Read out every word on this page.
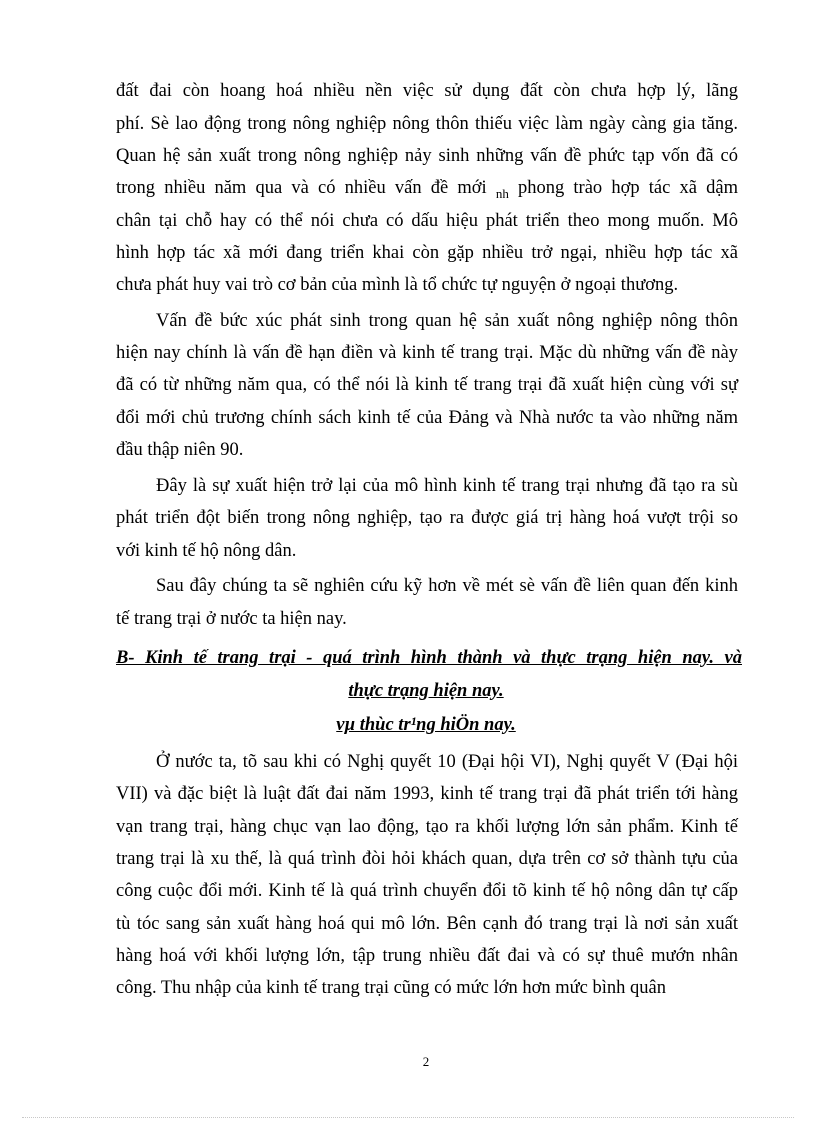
đất đai còn hoang hoá nhiều nền việc sử dụng đất còn chưa hợp lý, lãng
phí. Sè lao động trong nông nghiệp nông thôn thiếu việc làm ngày càng gia tăng.
Quan hệ sản xuất trong nông nghiệp nảy sinh những vấn đề phức tạp vốn đã có
trong nhiều năm qua và có nhiều vấn đề mới $_{nh}$ phong trào hợp tác xã dậm
chân tại chỗ hay có thể nói chưa có dấu hiệu phát triển theo mong muốn. Mô
hình hợp tác xã mới đang triển khai còn gặp nhiều trở ngại, nhiều hợp tác xã
chưa phát huy vai trò cơ bản của mình là tổ chức tự nguyện ở ngoại thương.
Vấn đề bức xúc phát sinh trong quan hệ sản xuất nông nghiệp nông thôn
hiện nay chính là vấn đề hạn điền và kinh tế trang trại. Mặc dù những vấn đề này
đã có từ những năm qua, có thể nói là kinh tế trang trại đã xuất hiện cùng với sự
đổi mới chủ trương chính sách kinh tế của Đảng và Nhà nước ta vào những năm
đầu thập niên 90.
Đây là sự xuất hiện trở lại của mô hình kinh tế trang trại nhưng đã tạo ra sù
phát triển đột biến trong nông nghiệp, tạo ra được giá trị hàng hoá vượt trội so
với kinh tế hộ nông dân.
Sau đây chúng ta sẽ nghiên cứu kỹ hơn về mét sè vấn đề liên quan đến kinh
tế trang trại ở nước ta hiện nay.
B- Kinh tế trang trại - quá trình hình thành và thực trạng hiện nay. và
thực trạng hiện nay.
vµ thùc tr¹ng hiÖn nay.
Ở nước ta, tõ sau khi có Nghị quyết 10 (Đại hội VI), Nghị quyết V (Đại hội
VII) và đặc biệt là luật đất đai năm 1993, kinh tế trang trại đã phát triển tới hàng
vạn trang trại, hàng chục vạn lao động, tạo ra khối lượng lớn sản phẩm. Kinh tế
trang trại là xu thế, là quá trình đòi hỏi khách quan, dựa trên cơ sở thành tựu của
công cuộc đổi mới. Kinh tế là quá trình chuyển đổi tõ kinh tế hộ nông dân tự cấp
tù tóc sang sản xuất hàng hoá qui mô lớn. Bên cạnh đó trang trại là nơi sản xuất
hàng hoá với khối lượng lớn, tập trung nhiều đất đai và có sự thuê mướn nhân
công. Thu nhập của kinh tế trang trại cũng có mức lớn hơn mức bình quân
2
